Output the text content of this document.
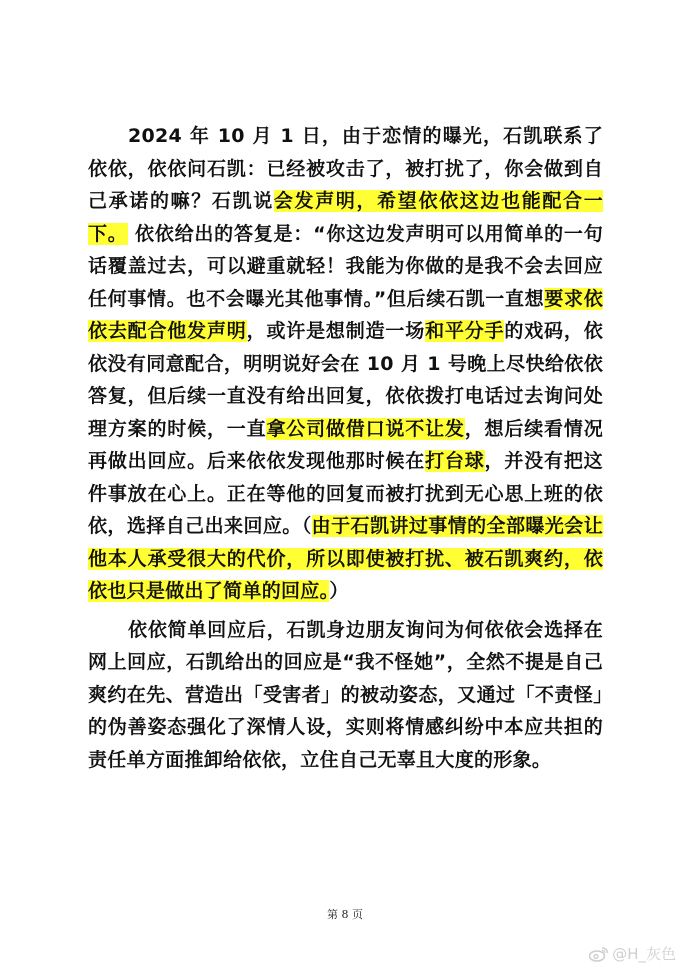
2024 年 10 月 1 日，由于恋情的曝光，石凯联系了依依，依依问石凯：已经被攻击了，被打扰了，你会做到自己承诺的嘛？石凯说会发声明，希望依依这边也能配合一下。 依依给出的答复是：“你这边发声明可以用简单的一句话覆盖过去，可以避重就轻！我能为你做的是我不会去回应任何事情。也不会曝光其他事情。”但后续石凯一直想要求依依去配合他发声明，或许是想制造一场和平分手的戏码，依依没有同意配合，明明说好会在 10 月 1 号晚上尽快给依依答复，但后续一直没有给出回复，依依拨打电话过去询问处理方案的时候，一直拿公司做借口说不让发，想后续看情况再做出回应。后来依依发现他那时候在打台球，并没有把这件事放在心上。正在等他的回复而被打扰到无心思上班的依依，选择自己出来回应。（由于石凯讲过事情的全部曝光会让他本人承受很大的代价，所以即使被打扰、被石凯爽约，依依也只是做出了简单的回应。）

依依简单回应后，石凯身边朋友询问为何依依会选择在网上回应，石凯给出的回应是“我不怪她”，全然不提是自己爽约在先、营造出「受害者」的被动姿态，又通过「不责怪」的伪善姿态强化了深情人设，实则将情感纠纷中本应共担的责任单方面推卸给依依，立住自己无辜且大度的形象。

第 8 页
@H_灰色
